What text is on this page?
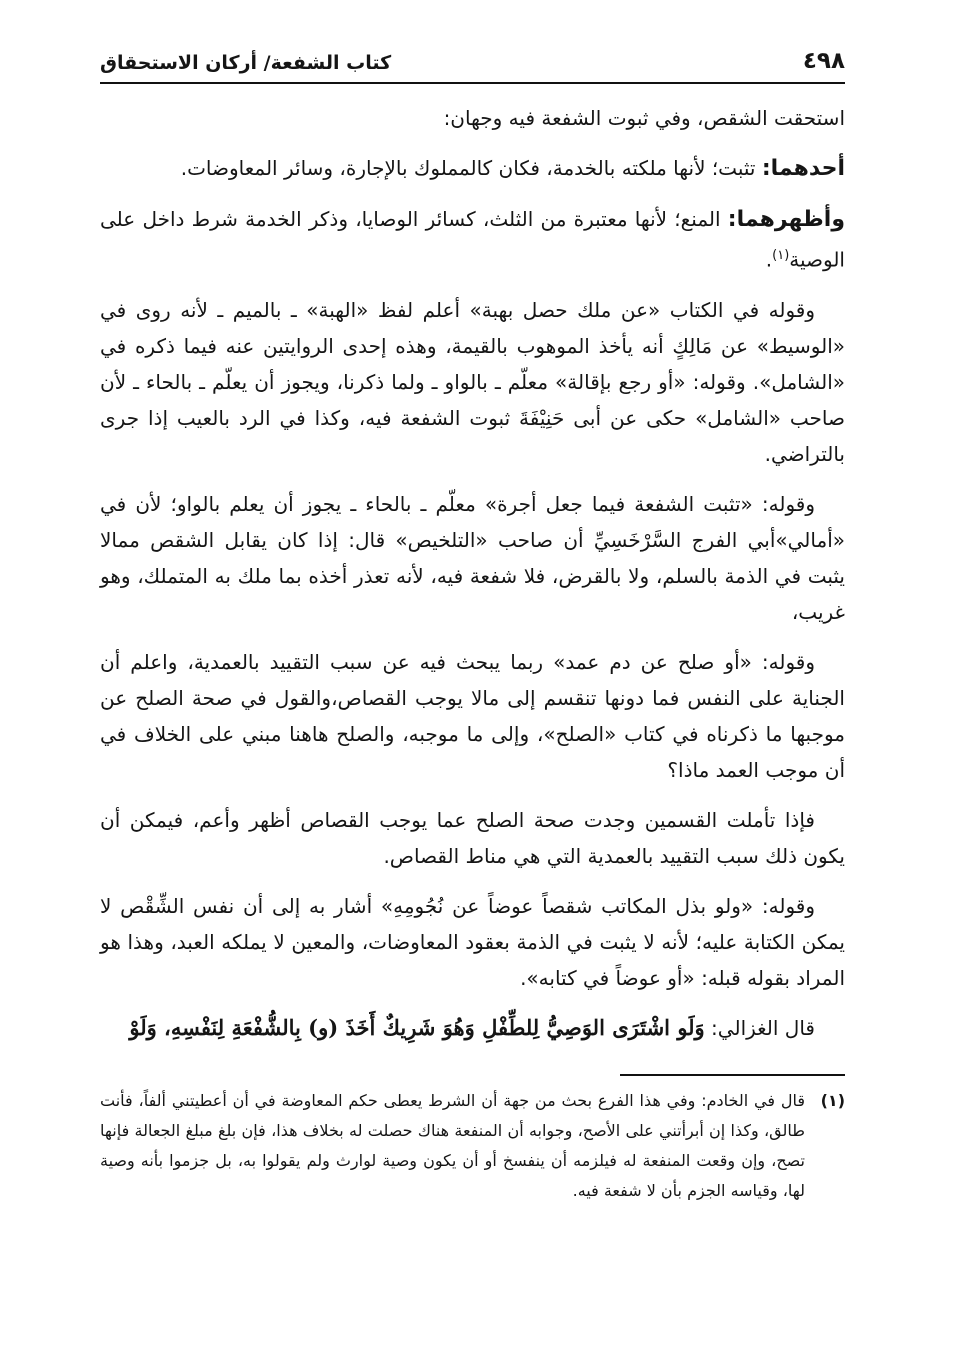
٤٩٨
كتاب الشفعة/ أركان الاستحقاق

استحقت الشقص، وفي ثبوت الشفعة فيه وجهان:

أحدهما: تثبت؛ لأنها ملكته بالخدمة، فكان كالمملوك بالإجارة، وسائر المعاوضات.

وأظهرهما: المنع؛ لأنها معتبرة من الثلث، كسائر الوصايا، وذكر الخدمة شرط داخل على الوصية$^{(١)}$.

وقوله في الكتاب «عن ملك حصل بهبة» أعلم لفظ «الهبة» ـ بالميم ـ لأنه روى في «الوسيط» عن مَالِكٍ أنه يأخذ الموهوب بالقيمة، وهذه إحدى الروايتين عنه فيما ذكره في «الشامل». وقوله: «أو رجع بإقالة» معلّم ـ بالواو ـ ولما ذكرنا، ويجوز أن يعلّم ـ بالحاء ـ لأن صاحب «الشامل» حكى عن أبى حَنِيْفَةَ ثبوت الشفعة فيه، وكذا في الرد بالعيب إذا جرى بالتراضي.

وقوله: «تثبت الشفعة فيما جعل أجرة» معلّم ـ بالحاء ـ يجوز أن يعلم بالواو؛ لأن في «أمالي»أبي الفرج السَّرْخَسِيِّ أن صاحب «التلخيص» قال: إذا كان يقابل الشقص ممالا يثبت في الذمة بالسلم، ولا بالقرض، فلا شفعة فيه، لأنه تعذر أخذه بما ملك به المتملك، وهو غريب،

وقوله: «أو صلح عن دم عمد» ربما يبحث فيه عن سبب التقييد بالعمدية، واعلم أن الجناية على النفس فما دونها تنقسم إلى مالا يوجب القصاص،والقول في صحة الصلح عن موجبها ما ذكرناه في كتاب «الصلح»، وإلى ما موجبه، والصلح هاهنا مبني على الخلاف في أن موجب العمد ماذا؟

فإذا تأملت القسمين وجدت صحة الصلح عما يوجب القصاص أظهر وأعم، فيمكن أن يكون ذلك سبب التقييد بالعمدية التي هي مناط القصاص.

وقوله: «ولو بذل المكاتب شقصاً عوضاً عن نُجُومِهِ» أشار به إلى أن نفس الشِّقْص لا يمكن الكتابة عليه؛ لأنه لا يثبت في الذمة بعقود المعاوضات، والمعين لا يملكه العبد، وهذا هو المراد بقوله قبله: «أو عوضاً في كتابه».

قال الغزالي: وَلَو اشْتَرَى الوَصِيُّ لِلطِّفْلِ وَهُوَ شَرِيكٌ أَخَذَ (و) بِالشُّفْعَةِ لِنَفْسِهِ، وَلَوْ

(١)
قال في الخادم: وفي هذا الفرع بحث من جهة أن الشرط يعطى حكم المعاوضة في أن أعطيتني ألفاً، فأنت طالق، وكذا إن أبرأتني على الأصح، وجوابه أن المنفعة هناك حصلت له بخلاف هذا، فإن بلغ مبلغ الجعالة فإنها تصح، وإن وقعت المنفعة له فيلزمه أن ينفسخ أو أن يكون وصية لوارث ولم يقولوا به، بل جزموا بأنه وصية لها، وقياسه الجزم بأن لا شفعة فيه.
